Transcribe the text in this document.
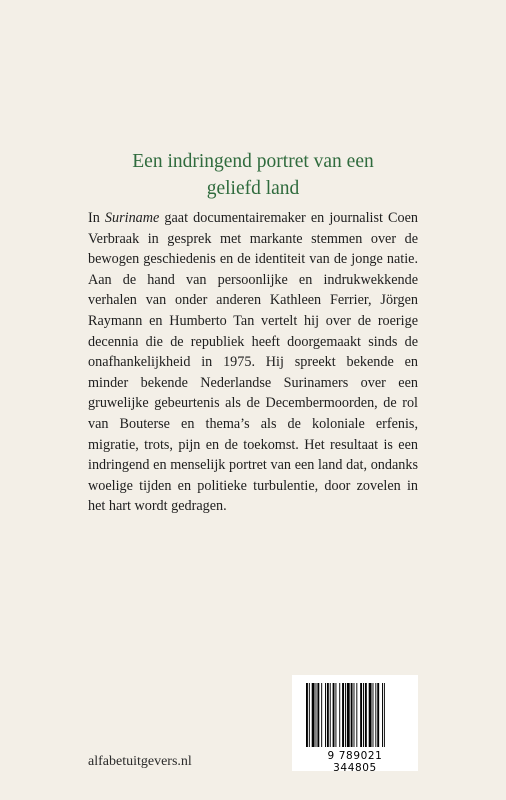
Een indringend portret van een
geliefd land
In Suriname gaat documentairemaker en journalist Coen Verbraak in gesprek met markante stemmen over de bewogen geschiedenis en de identiteit van de jonge natie. Aan de hand van persoonlijke en indrukwekkende verhalen van onder anderen Kathleen Ferrier, Jörgen Raymann en Humberto Tan vertelt hij over de roerige decennia die de republiek heeft doorgemaakt sinds de onafhankelijkheid in 1975. Hij spreekt bekende en minder bekende Nederlandse Surinamers over een gruwelijke gebeurtenis als de Decembermoorden, de rol van Bouterse en thema’s als de koloniale erfenis, migratie, trots, pijn en de toekomst. Het resultaat is een indringend en menselijk portret van een land dat, ondanks woelige tijden en politieke turbulentie, door zovelen in het hart wordt gedragen.
9 789021 344805
alfabetuitgevers.nl
